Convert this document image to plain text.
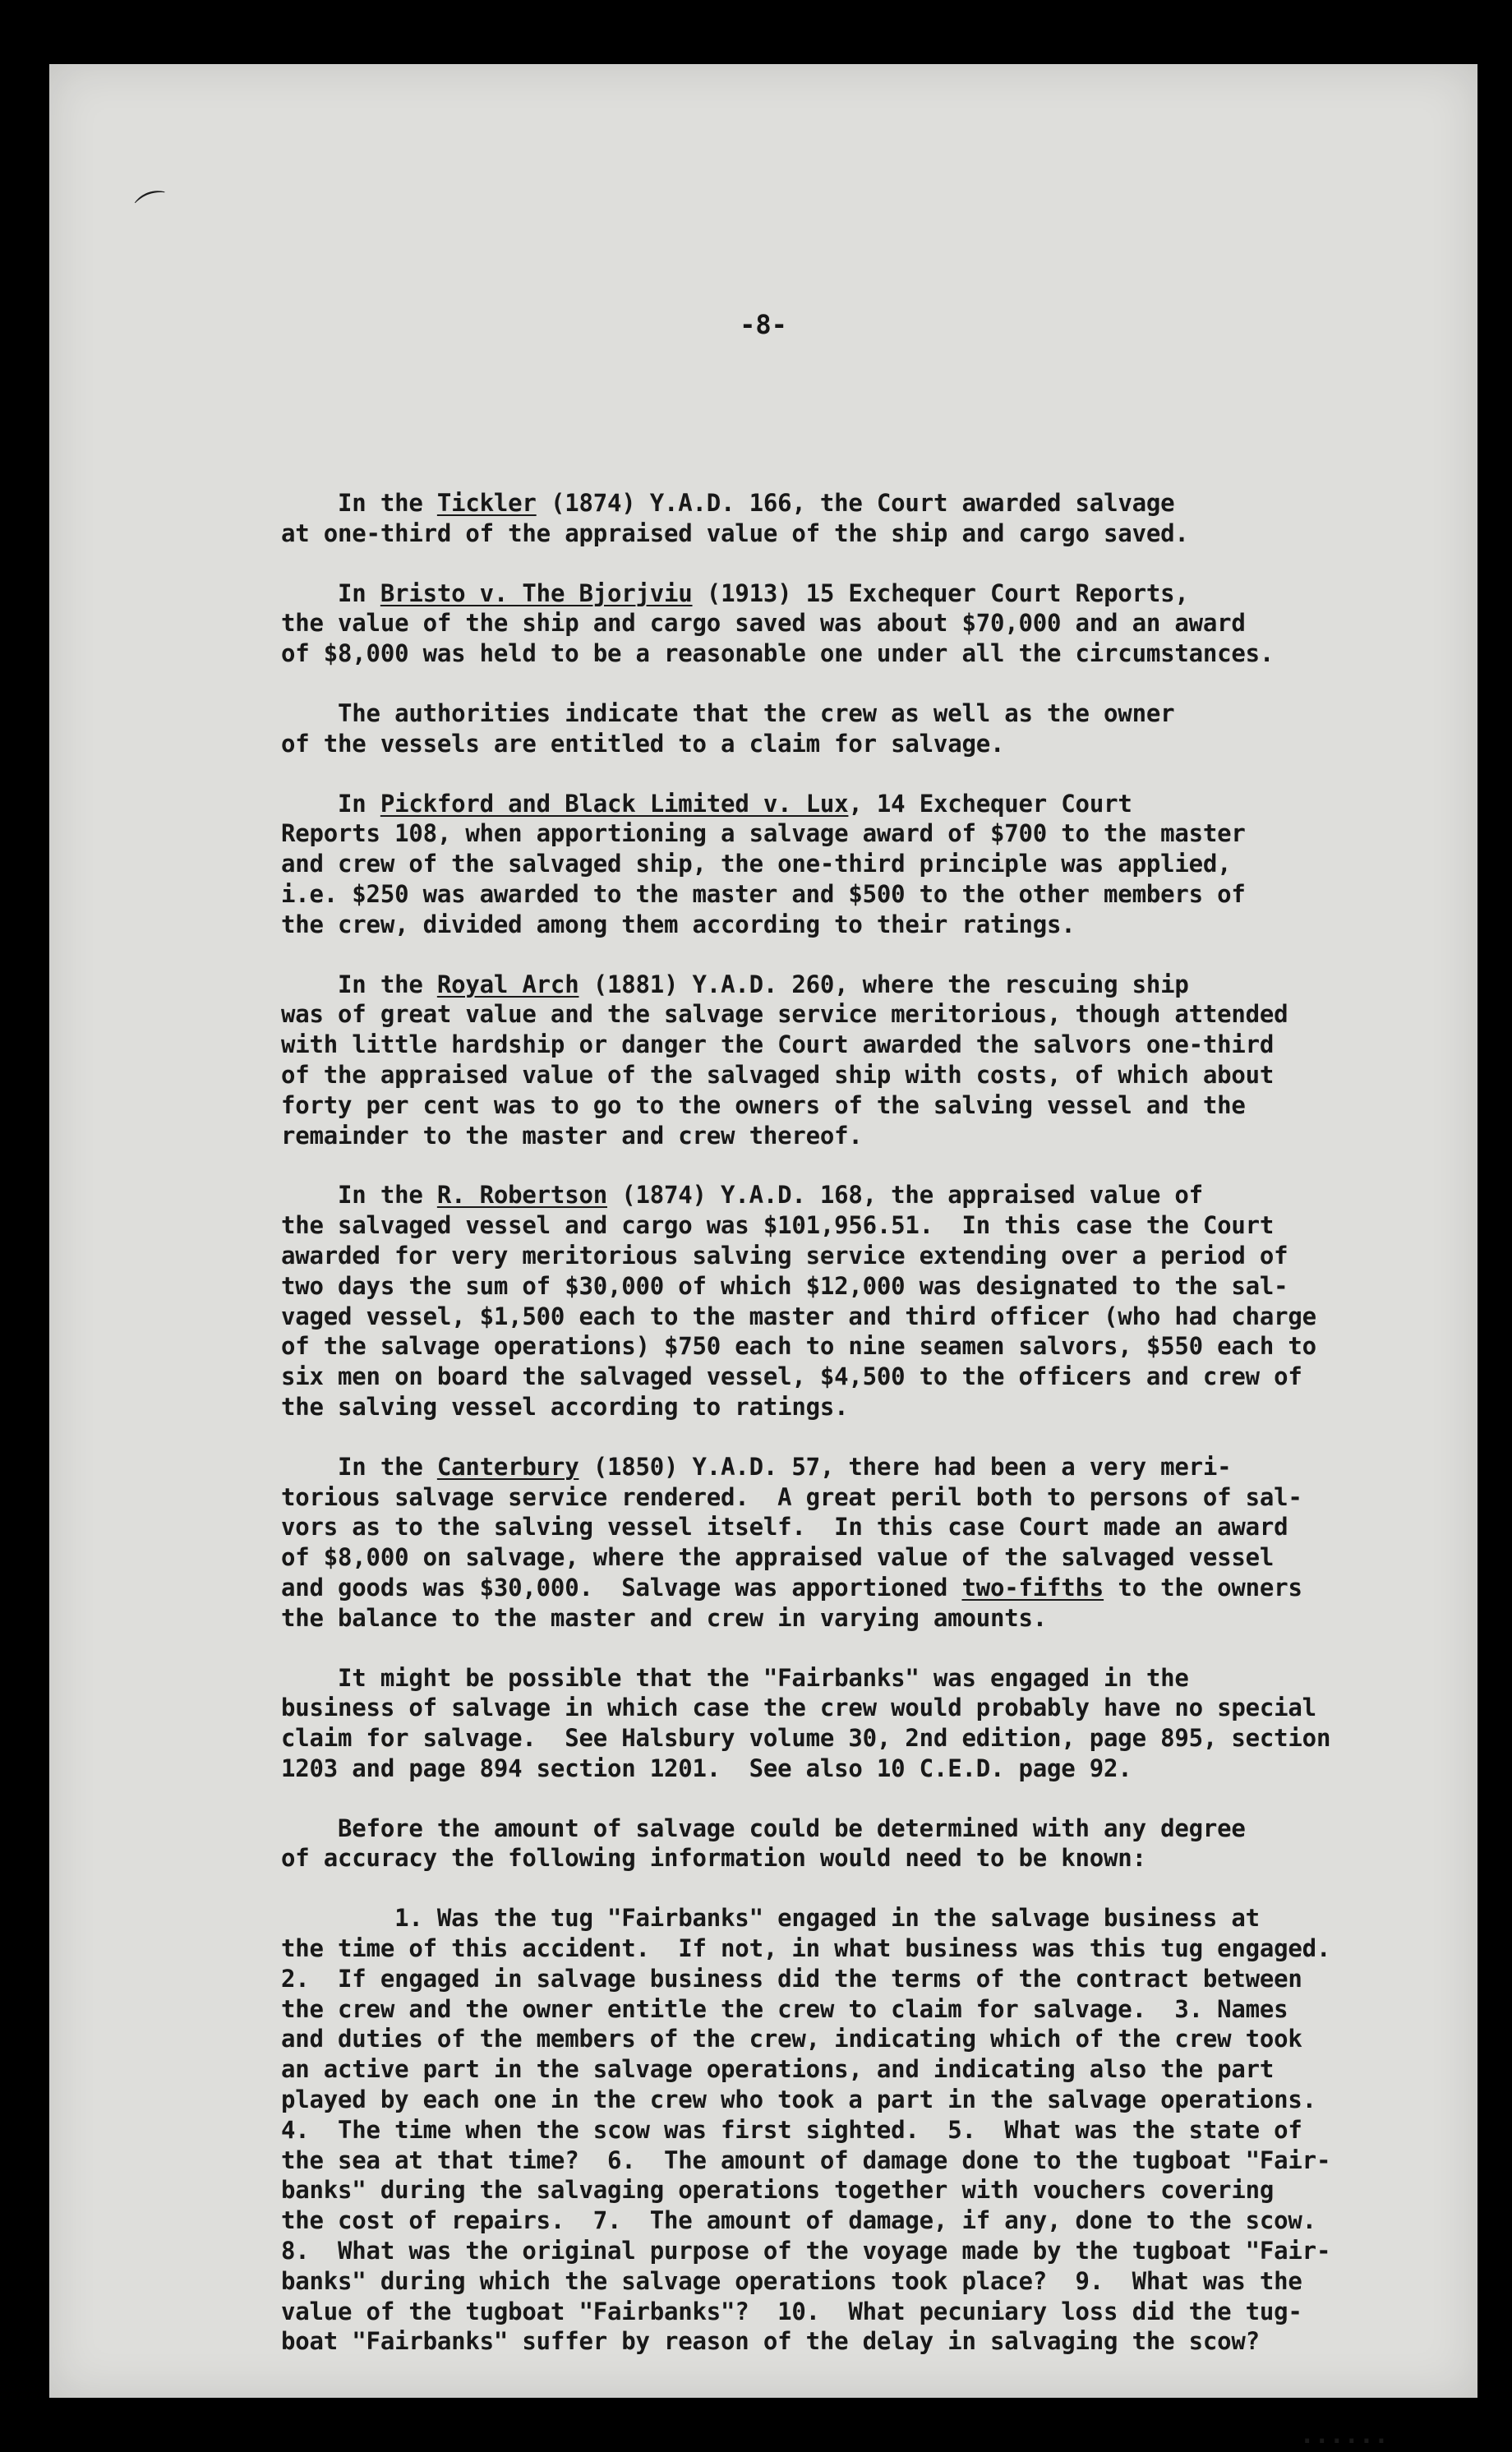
⌒
-8-
In the Tickler (1874) Y.A.D. 166, the Court awarded salvage
at one-third of the appraised value of the ship and cargo saved.
In Bristo v. The Bjorjviu (1913) 15 Exchequer Court Reports,
the value of the ship and cargo saved was about $70,000 and an award
of $8,000 was held to be a reasonable one under all the circumstances.
The authorities indicate that the crew as well as the owner
of the vessels are entitled to a claim for salvage.
In Pickford and Black Limited v. Lux, 14 Exchequer Court
Reports 108, when apportioning a salvage award of $700 to the master
and crew of the salvaged ship, the one-third principle was applied,
i.e. $250 was awarded to the master and $500 to the other members of
the crew, divided among them according to their ratings.
In the Royal Arch (1881) Y.A.D. 260, where the rescuing ship
was of great value and the salvage service meritorious, though attended
with little hardship or danger the Court awarded the salvors one-third
of the appraised value of the salvaged ship with costs, of which about
forty per cent was to go to the owners of the salving vessel and the
remainder to the master and crew thereof.
In the R. Robertson (1874) Y.A.D. 168, the appraised value of
the salvaged vessel and cargo was $101,956.51.  In this case the Court
awarded for very meritorious salving service extending over a period of
two days the sum of $30,000 of which $12,000 was designated to the sal-
vaged vessel, $1,500 each to the master and third officer (who had charge
of the salvage operations) $750 each to nine seamen salvors, $550 each to
six men on board the salvaged vessel, $4,500 to the officers and crew of
the salving vessel according to ratings.
In the Canterbury (1850) Y.A.D. 57, there had been a very meri-
torious salvage service rendered.  A great peril both to persons of sal-
vors as to the salving vessel itself.  In this case Court made an award
of $8,000 on salvage, where the appraised value of the salvaged vessel
and goods was $30,000.  Salvage was apportioned two-fifths to the owners
the balance to the master and crew in varying amounts.
It might be possible that the "Fairbanks" was engaged in the
business of salvage in which case the crew would probably have no special
claim for salvage.  See Halsbury volume 30, 2nd edition, page 895, section
1203 and page 894 section 1201.  See also 10 C.E.D. page 92.
Before the amount of salvage could be determined with any degree
of accuracy the following information would need to be known:
1. Was the tug "Fairbanks" engaged in the salvage business at
the time of this accident.  If not, in what business was this tug engaged.
2.  If engaged in salvage business did the terms of the contract between
the crew and the owner entitle the crew to claim for salvage.  3. Names
and duties of the members of the crew, indicating which of the crew took
an active part in the salvage operations, and indicating also the part
played by each one in the crew who took a part in the salvage operations.
4.  The time when the scow was first sighted.  5.  What was the state of
the sea at that time?  6.  The amount of damage done to the tugboat "Fair-
banks" during the salvaging operations together with vouchers covering
the cost of repairs.  7.  The amount of damage, if any, done to the scow.
8.  What was the original purpose of the voyage made by the tugboat "Fair-
banks" during which the salvage operations took place?  9.  What was the
value of the tugboat "Fairbanks"?  10.  What pecuniary loss did the tug-
boat "Fairbanks" suffer by reason of the delay in salvaging the scow?
......
